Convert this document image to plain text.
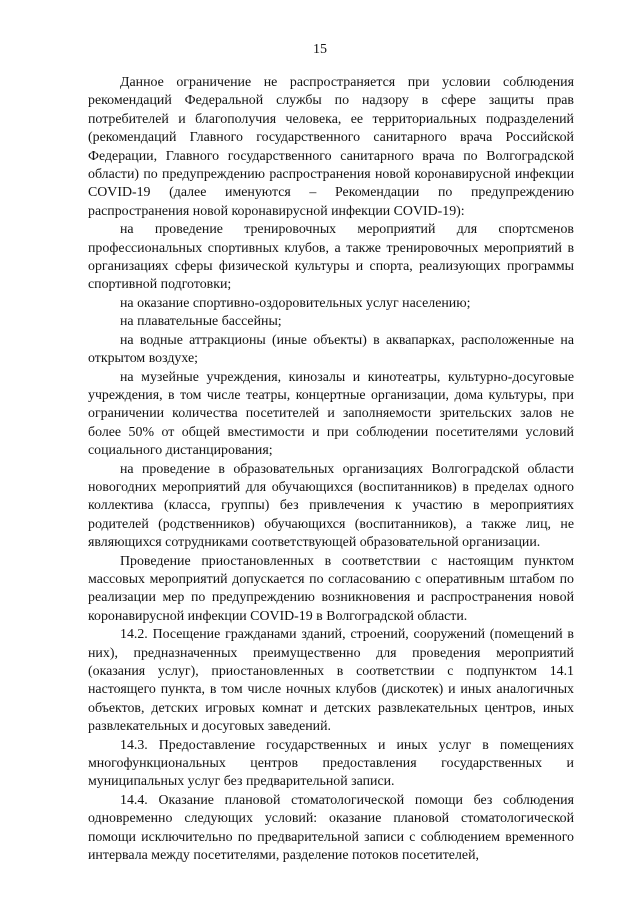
15

Данное ограничение не распространяется при условии соблюдения рекомендаций Федеральной службы по надзору в сфере защиты прав потребителей и благополучия человека, ее территориальных подразделений (рекомендаций Главного государственного санитарного врача Российской Федерации, Главного государственного санитарного врача по Волгоградской области) по предупреждению распространения новой коронавирусной инфекции COVID-19 (далее именуются – Рекомендации по предупреждению распространения новой коронавирусной инфекции COVID-19):

на проведение тренировочных мероприятий для спортсменов профессиональных спортивных клубов, а также тренировочных мероприятий в организациях сферы физической культуры и спорта, реализующих программы спортивной подготовки;

на оказание спортивно-оздоровительных услуг населению;

на плавательные бассейны;

на водные аттракционы (иные объекты) в аквапарках, расположенные на открытом воздухе;

на музейные учреждения, кинозалы и кинотеатры, культурно-досуговые учреждения, в том числе театры, концертные организации, дома культуры, при ограничении количества посетителей и заполняемости зрительских залов не более 50% от общей вместимости и при соблюдении посетителями условий социального дистанцирования;

на проведение в образовательных организациях Волгоградской области новогодних мероприятий для обучающихся (воспитанников) в пределах одного коллектива (класса, группы) без привлечения к участию в мероприятиях родителей (родственников) обучающихся (воспитанников), а также лиц, не являющихся сотрудниками соответствующей образовательной организации.

Проведение приостановленных в соответствии с настоящим пунктом массовых мероприятий допускается по согласованию с оперативным штабом по реализации мер по предупреждению возникновения и распространения новой коронавирусной инфекции COVID-19 в Волгоградской области.

14.2. Посещение гражданами зданий, строений, сооружений (помещений в них), предназначенных преимущественно для проведения мероприятий (оказания услуг), приостановленных в соответствии с подпунктом 14.1 настоящего пункта, в том числе ночных клубов (дискотек) и иных аналогичных объектов, детских игровых комнат и детских развлекательных центров, иных развлекательных и досуговых заведений.

14.3. Предоставление государственных и иных услуг в помещениях многофункциональных центров предоставления государственных и муниципальных услуг без предварительной записи.

14.4. Оказание плановой стоматологической помощи без соблюдения одновременно следующих условий: оказание плановой стоматологической помощи исключительно по предварительной записи с соблюдением временного интервала между посетителями, разделение потоков посетителей,
